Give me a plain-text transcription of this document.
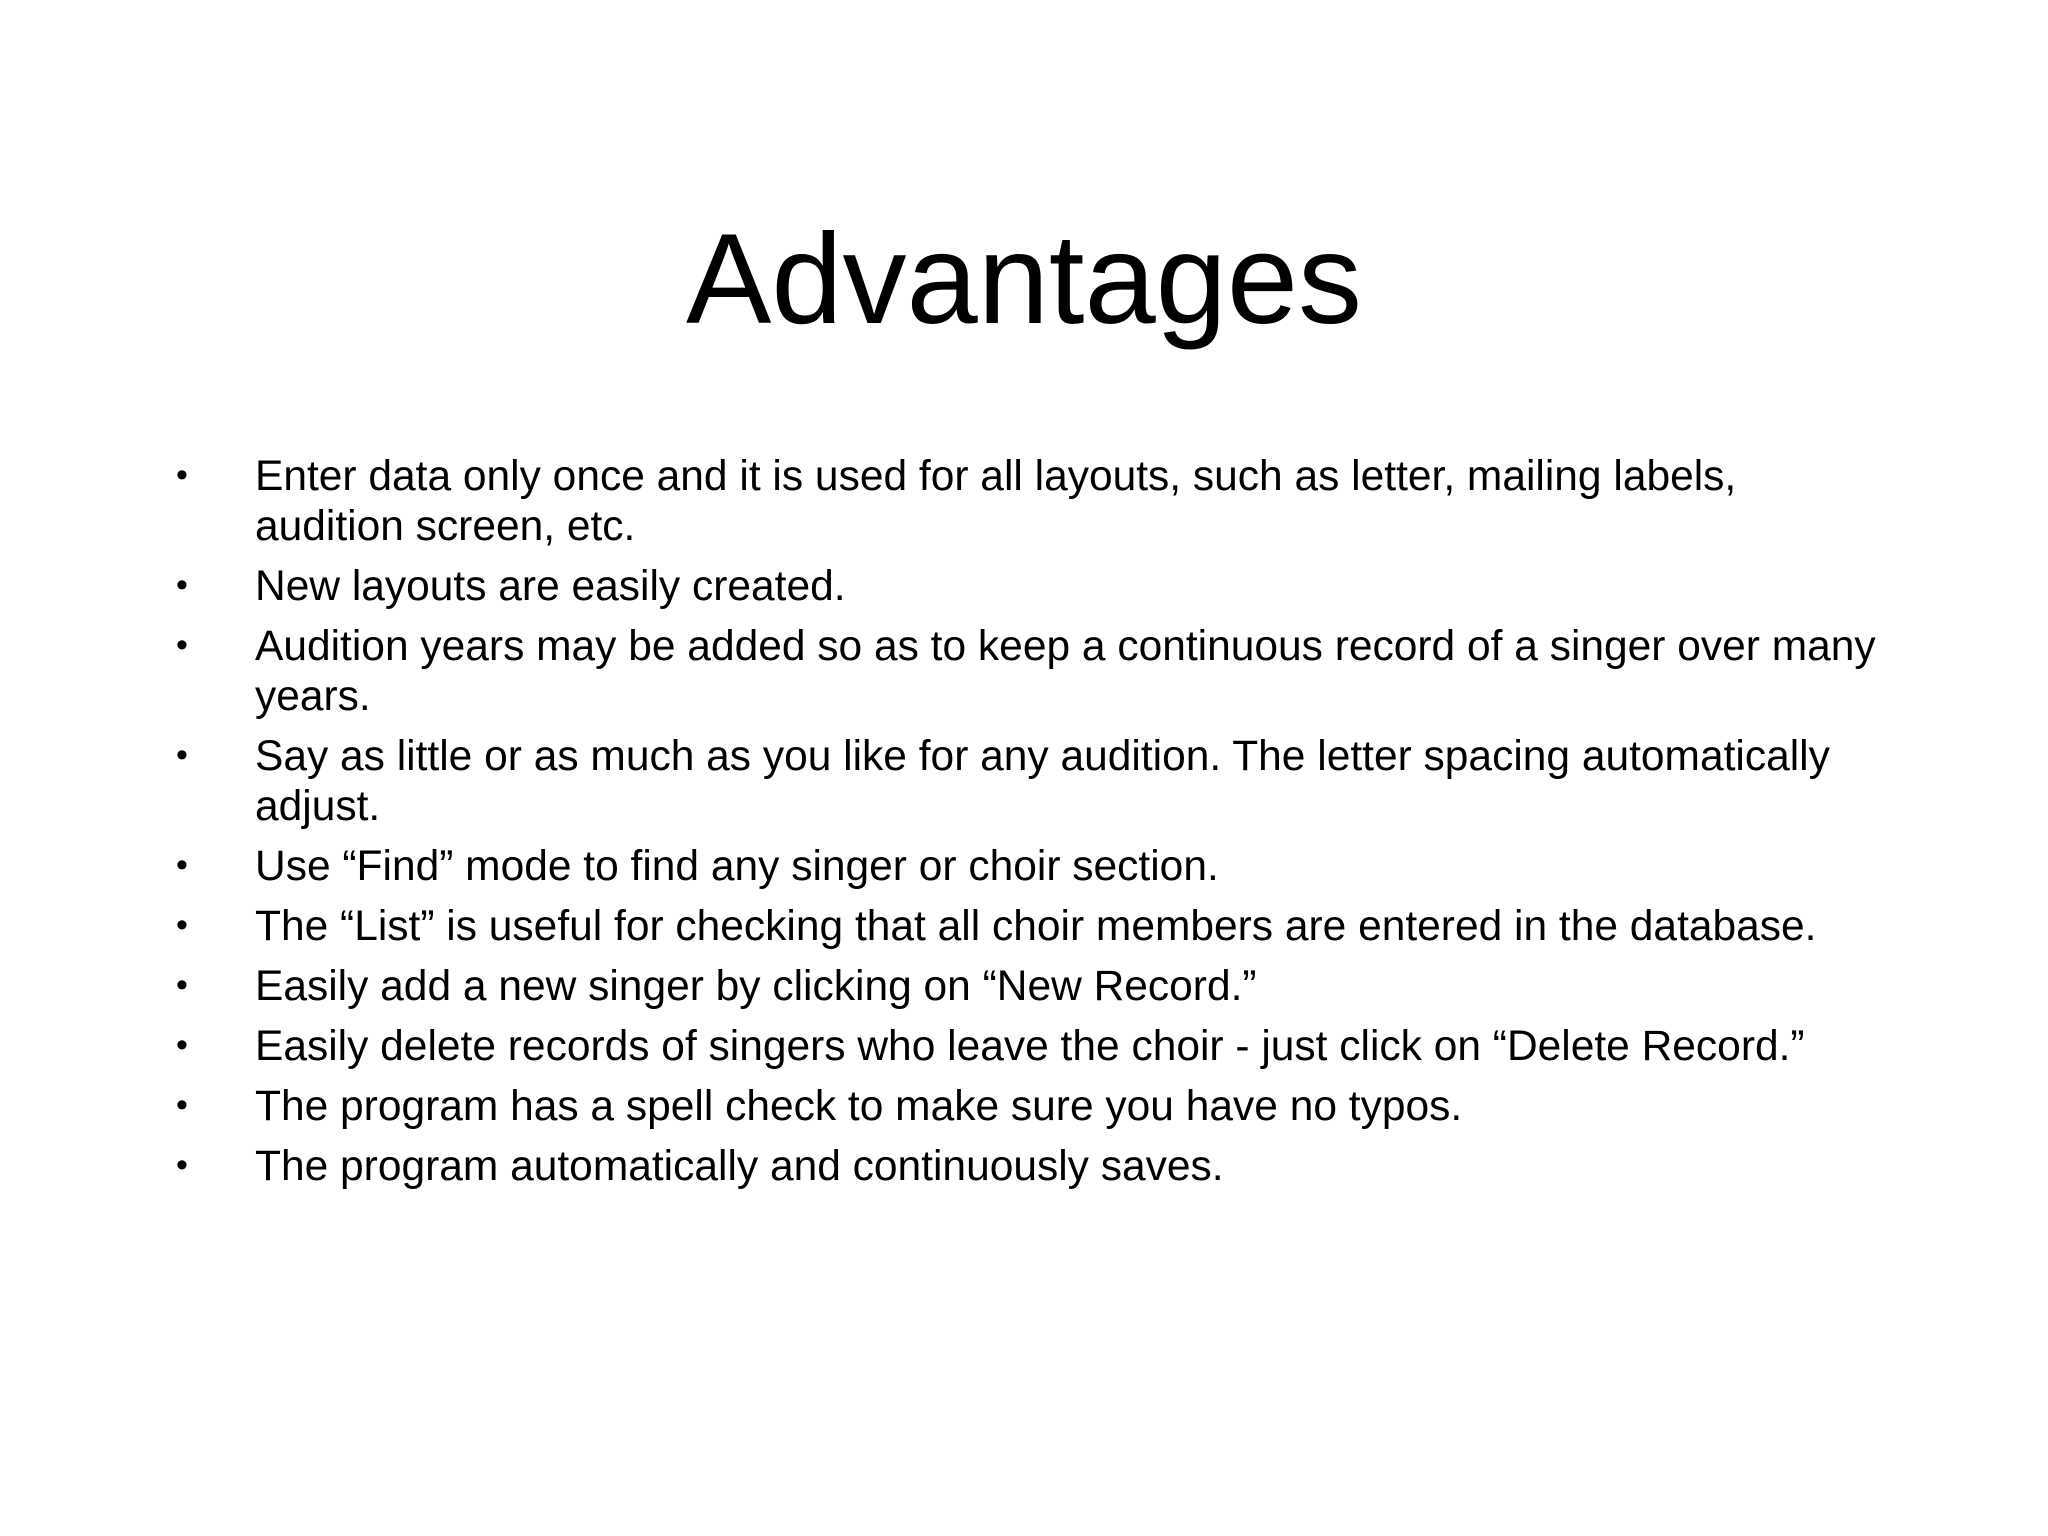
Advantages
•	Enter data only once and it is used for all layouts, such as letter, mailing labels, audition screen, etc.
•	New layouts are easily created.
•	Audition years may be added so as to keep a continuous record of a singer over many years.
•	Say as little or as much as you like for any audition. The letter spacing automatically adjust.
•	Use “Find” mode to find any singer or choir section.
•	The “List” is useful for checking that all choir members are entered in the database.
•	Easily add a new singer by clicking on “New Record.”
•	Easily delete records of singers who leave the choir - just click on “Delete Record.”
•	The program has a spell check to make sure you have no typos.
•	The program automatically and continuously saves.
